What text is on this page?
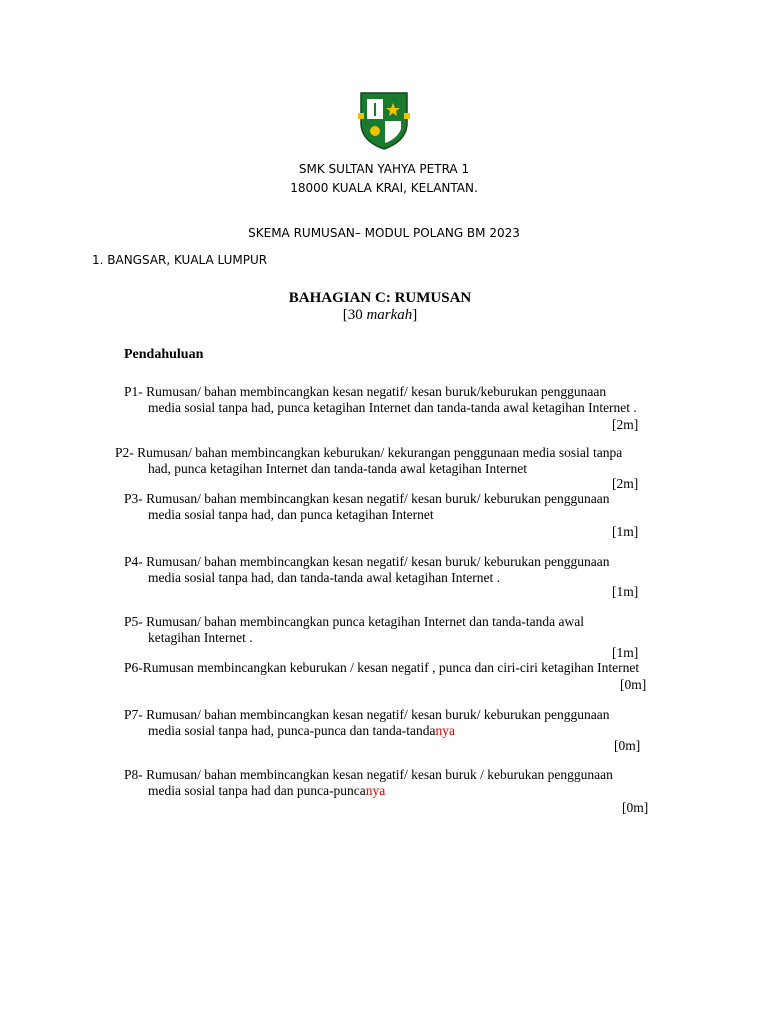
SMK SULTAN YAHYA PETRA 1
18000 KUALA KRAI, KELANTAN.
SKEMA RUMUSAN– MODUL POLANG BM 2023
1. BANGSAR, KUALA LUMPUR
BAHAGIAN C: RUMUSAN
[30 markah]
Pendahuluan
P1- Rumusan/ bahan membincangkan kesan negatif/ kesan buruk/keburukan penggunaan
media sosial tanpa had, punca ketagihan Internet dan tanda-tanda awal ketagihan Internet .
[2m]
P2- Rumusan/ bahan membincangkan keburukan/ kekurangan penggunaan media sosial tanpa
had, punca ketagihan Internet dan tanda-tanda awal ketagihan Internet
[2m]
P3- Rumusan/ bahan membincangkan kesan negatif/ kesan buruk/ keburukan penggunaan
media sosial tanpa had, dan punca ketagihan Internet
[1m]
P4- Rumusan/ bahan membincangkan kesan negatif/ kesan buruk/ keburukan penggunaan
media sosial tanpa had, dan tanda-tanda awal ketagihan Internet .
[1m]
P5- Rumusan/ bahan membincangkan punca ketagihan Internet dan tanda-tanda awal
ketagihan Internet .
[1m]
P6-Rumusan membincangkan keburukan / kesan negatif , punca dan ciri-ciri ketagihan Internet
[0m]
P7- Rumusan/ bahan membincangkan kesan negatif/ kesan buruk/ keburukan penggunaan
media sosial tanpa had, punca-punca dan tanda-tandanya
[0m]
P8- Rumusan/ bahan membincangkan kesan negatif/ kesan buruk / keburukan penggunaan
media sosial tanpa had dan punca-puncanya
[0m]
